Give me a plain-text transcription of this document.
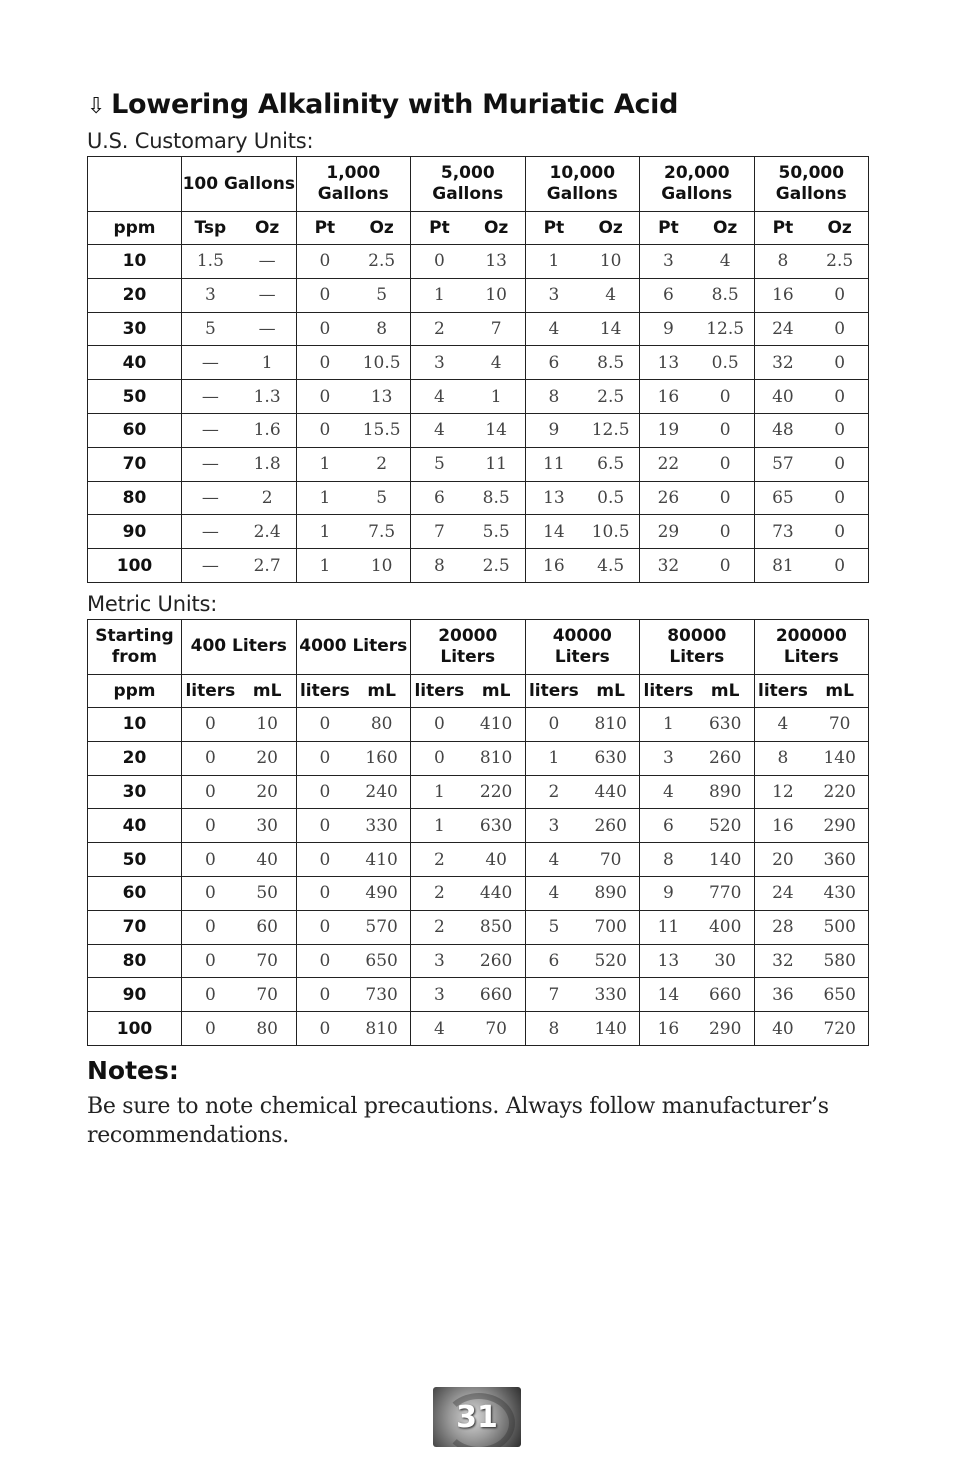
⇩ Lowering Alkalinity with Muriatic Acid
U.S. Customary Units:
	100 Gallons		1,000 Gallons		5,000 Gallons		10,000 Gallons		20,000 Gallons		50,000 Gallons	
ppm	Tsp	Oz	Pt	Oz	Pt	Oz	Pt	Oz	Pt	Oz	Pt	Oz
10	1.5	—	0	2.5	0	13	1	10	3	4	8	2.5
20	3	—	0	5	1	10	3	4	6	8.5	16	0
30	5	—	0	8	2	7	4	14	9	12.5	24	0
40	—	1	0	10.5	3	4	6	8.5	13	0.5	32	0
50	—	1.3	0	13	4	1	8	2.5	16	0	40	0
60	—	1.6	0	15.5	4	14	9	12.5	19	0	48	0
70	—	1.8	1	2	5	11	11	6.5	22	0	57	0
80	—	2	1	5	6	8.5	13	0.5	26	0	65	0
90	—	2.4	1	7.5	7	5.5	14	10.5	29	0	73	0
100	—	2.7	1	10	8	2.5	16	4.5	32	0	81	0
Metric Units:
Starting from	400 Liters		4000 Liters		20000 Liters		40000 Liters		80000 Liters		200000 Liters	
ppm	liters	mL	liters	mL	liters	mL	liters	mL	liters	mL	liters	mL
10	0	10	0	80	0	410	0	810	1	630	4	70
20	0	20	0	160	0	810	1	630	3	260	8	140
30	0	20	0	240	1	220	2	440	4	890	12	220
40	0	30	0	330	1	630	3	260	6	520	16	290
50	0	40	0	410	2	40	4	70	8	140	20	360
60	0	50	0	490	2	440	4	890	9	770	24	430
70	0	60	0	570	2	850	5	700	11	400	28	500
80	0	70	0	650	3	260	6	520	13	30	32	580
90	0	70	0	730	3	660	7	330	14	660	36	650
100	0	80	0	810	4	70	8	140	16	290	40	720
Notes:

Be sure to note chemical precautions. Always follow manufacturer’s recommendations.

31
